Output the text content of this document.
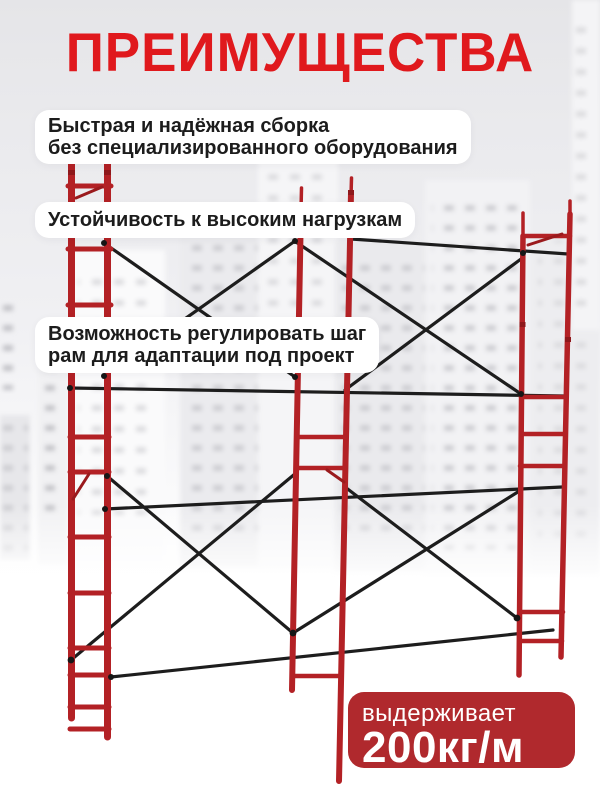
ПРЕИМУЩЕСТВА
Быстрая и надёжная сборка
без специализированного оборудования
Устойчивость к высоким нагрузкам
Возможность регулировать шаг
рам для адаптации под проект
выдерживает
200кг/м
